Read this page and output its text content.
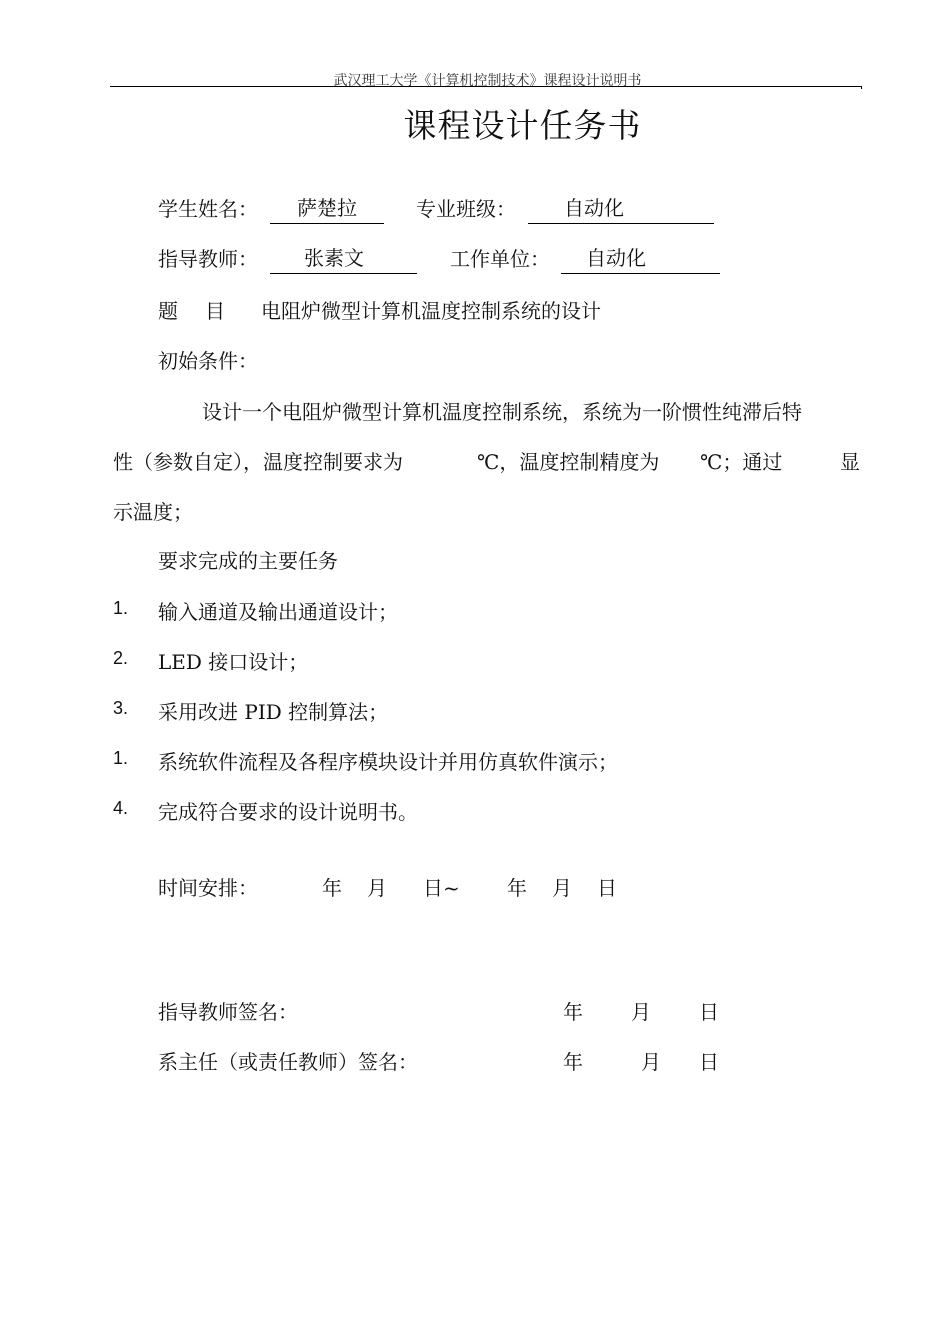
武汉理工大学《计算机控制技术》课程设计说明书
课程设计任务书
学生姓名：	萨楚拉	专业班级：	自动化
指导教师：	张素文	工作单位：	自动化
题 目 电阻炉微型计算机温度控制系统的设计
初始条件：
设计一个电阻炉微型计算机温度控制系统，系统为一阶惯性纯滞后特
性（参数自定），温度控制要求为	℃，温度控制精度为 ℃；通过	显
示温度；
要求完成的主要任务
1. 输入通道及输出通道设计；
2. LED 接口设计；
3. 采用改进 PID 控制算法；
1. 系统软件流程及各程序模块设计并用仿真软件演示；
4. 完成符合要求的设计说明书。
时间安排：	年 月 日~ 年 月 日
指导教师签名：	年 月 日
系主任（或责任教师）签名：	年	月 日
